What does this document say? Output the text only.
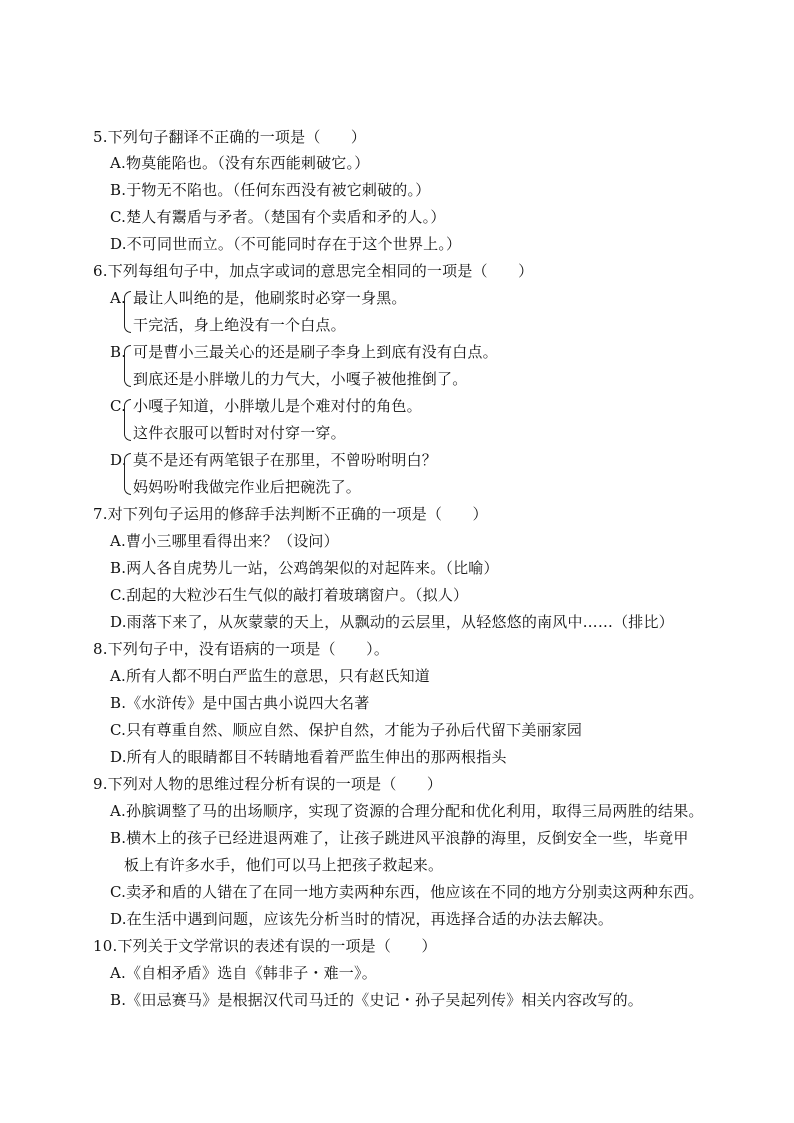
5.下列句子翻译不正确的一项是（　　）
A.物莫能陷也。（没有东西能刺破它。）
B.于物无不陷也。（任何东西没有被它刺破的。）
C.楚人有鬻盾与矛者。（楚国有个卖盾和矛的人。）
D.不可同世而立。（不可能同时存在于这个世界上。）
6.下列每组句子中，加点字或词的意思完全相同的一项是（　　）
A. 最让人叫绝的是，他刷浆时必穿一身黑。
干完活，身上绝没有一个白点。
B. 可是曹小三最关心的还是刷子李身上到底有没有白点。
到底还是小胖墩儿的力气大，小嘎子被他推倒了。
C. 小嘎子知道，小胖墩儿是个难对付的角色。
这件衣服可以暂时对付穿一穿。
D. 莫不是还有两笔银子在那里，不曾吩咐明白？
妈妈吩咐我做完作业后把碗洗了。
7.对下列句子运用的修辞手法判断不正确的一项是（　　）
A.曹小三哪里看得出来？（设问）
B.两人各自虎势儿一站，公鸡鸽架似的对起阵来。（比喻）
C.刮起的大粒沙石生气似的敲打着玻璃窗户。（拟人）
D.雨落下来了，从灰蒙蒙的天上，从飘动的云层里，从轻悠悠的南风中……（排比）
8.下列句子中，没有语病的一项是（　　）。
A.所有人都不明白严监生的意思，只有赵氏知道
B.《水浒传》是中国古典小说四大名著
C.只有尊重自然、顺应自然、保护自然，才能为子孙后代留下美丽家园
D.所有人的眼睛都目不转睛地看着严监生伸出的那两根指头
9.下列对人物的思维过程分析有误的一项是（　　）
A.孙膑调整了马的出场顺序，实现了资源的合理分配和优化利用，取得三局两胜的结果。
B.横木上的孩子已经进退两难了，让孩子跳进风平浪静的海里，反倒安全一些，毕竟甲
板上有许多水手，他们可以马上把孩子救起来。
C.卖矛和盾的人错在了在同一地方卖两种东西，他应该在不同的地方分别卖这两种东西。
D.在生活中遇到问题，应该先分析当时的情况，再选择合适的办法去解决。
10.下列关于文学常识的表述有误的一项是（　　）
A.《自相矛盾》选自《韩非子・难一》。
B.《田忌赛马》是根据汉代司马迁的《史记・孙子吴起列传》相关内容改写的。
